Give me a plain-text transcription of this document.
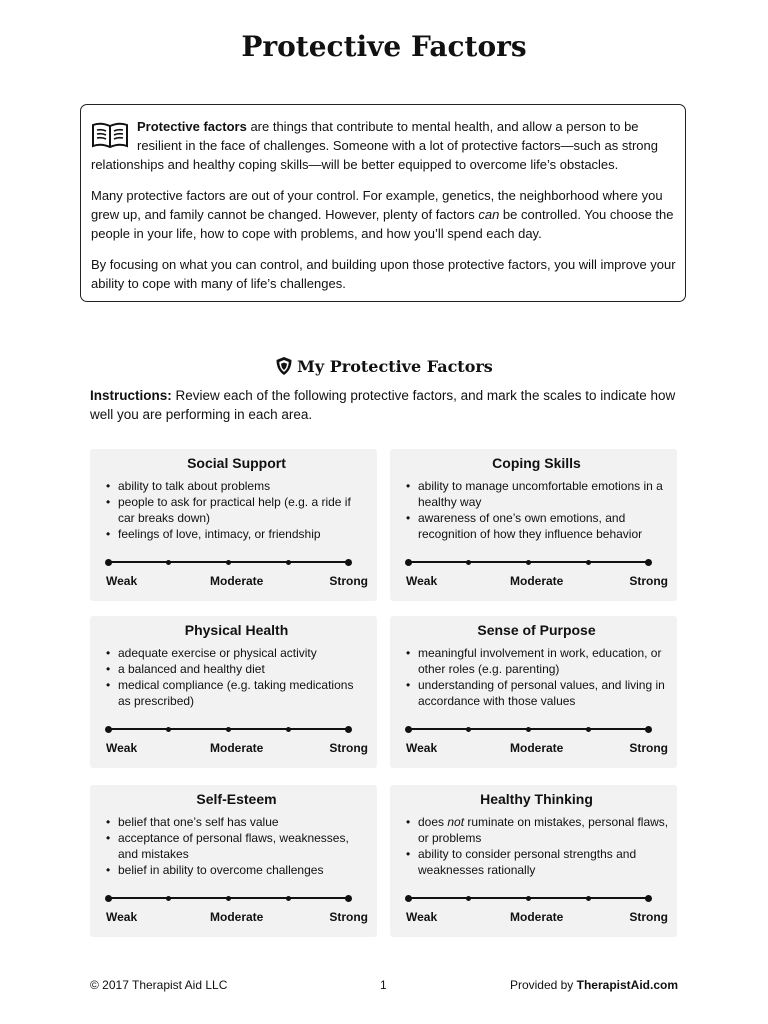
Protective Factors

Protective factors are things that contribute to mental health, and allow a person to be resilient in the face of challenges. Someone with a lot of protective factors—such as strong relationships and healthy coping skills—will be better equipped to overcome life’s obstacles.

Many protective factors are out of your control. For example, genetics, the neighborhood where you grew up, and family cannot be changed. However, plenty of factors can be controlled. You choose the people in your life, how to cope with problems, and how you’ll spend each day.

By focusing on what you can control, and building upon those protective factors, you will improve your ability to cope with many of life’s challenges.

My Protective Factors
Instructions: Review each of the following protective factors, and mark the scales to indicate how well you are performing in each area.
Social Support
• ability to talk about problems
• people to ask for practical help (e.g. a ride if car breaks down)
• feelings of love, intimacy, or friendship
Weak	Moderate	Strong
Coping Skills
• ability to manage uncomfortable emotions in a healthy way
• awareness of one’s own emotions, and recognition of how they influence behavior
Weak	Moderate	Strong
Physical Health
• adequate exercise or physical activity
• a balanced and healthy diet
• medical compliance (e.g. taking medications as prescribed)
Weak	Moderate	Strong
Sense of Purpose
• meaningful involvement in work, education, or other roles (e.g. parenting)
• understanding of personal values, and living in accordance with those values
Weak	Moderate	Strong
Self-Esteem
• belief that one’s self has value
• acceptance of personal flaws, weaknesses, and mistakes
• belief in ability to overcome challenges
Weak	Moderate	Strong
Healthy Thinking
• does not ruminate on mistakes, personal flaws, or problems
• ability to consider personal strengths and weaknesses rationally
Weak	Moderate	Strong
© 2017 Therapist Aid LLC	1	Provided by TherapistAid.com
